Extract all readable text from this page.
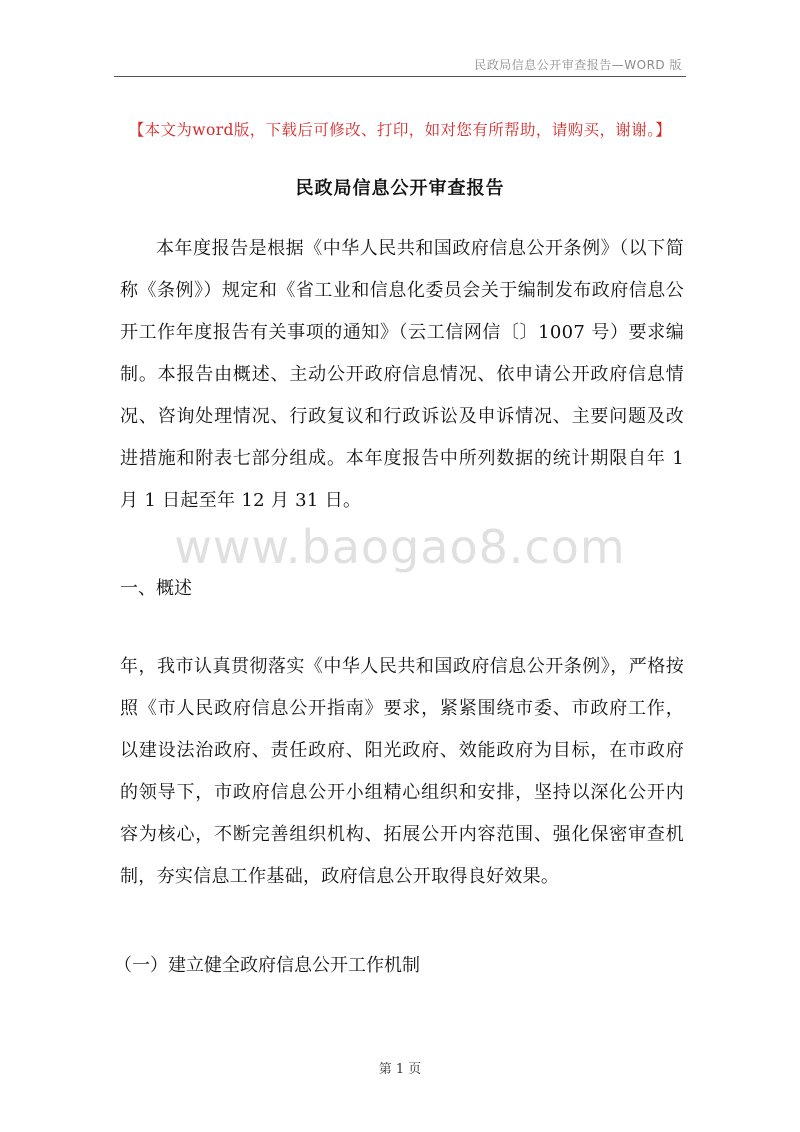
民政局信息公开审查报告—WORD 版
【本文为word版，下载后可修改、打印，如对您有所帮助，请购买，谢谢。】
民政局信息公开审查报告

本年度报告是根据《中华人民共和国政府信息公开条例》（以下简称《条例》）规定和《省工业和信息化委员会关于编制发布政府信息公开工作年度报告有关事项的通知》（云工信网信〔〕1007 号）要求编制。本报告由概述、主动公开政府信息情况、依申请公开政府信息情况、咨询处理情况、行政复议和行政诉讼及申诉情况、主要问题及改进措施和附表七部分组成。本年度报告中所列数据的统计期限自年 1 月 1 日起至年 12 月 31 日。

www.baogao8.com

一、概述

年，我市认真贯彻落实《中华人民共和国政府信息公开条例》，严格按照《市人民政府信息公开指南》要求，紧紧围绕市委、市政府工作，以建设法治政府、责任政府、阳光政府、效能政府为目标，在市政府的领导下，市政府信息公开小组精心组织和安排，坚持以深化公开内容为核心，不断完善组织机构、拓展公开内容范围、强化保密审查机制，夯实信息工作基础，政府信息公开取得良好效果。

（一）建立健全政府信息公开工作机制

第 1 页
